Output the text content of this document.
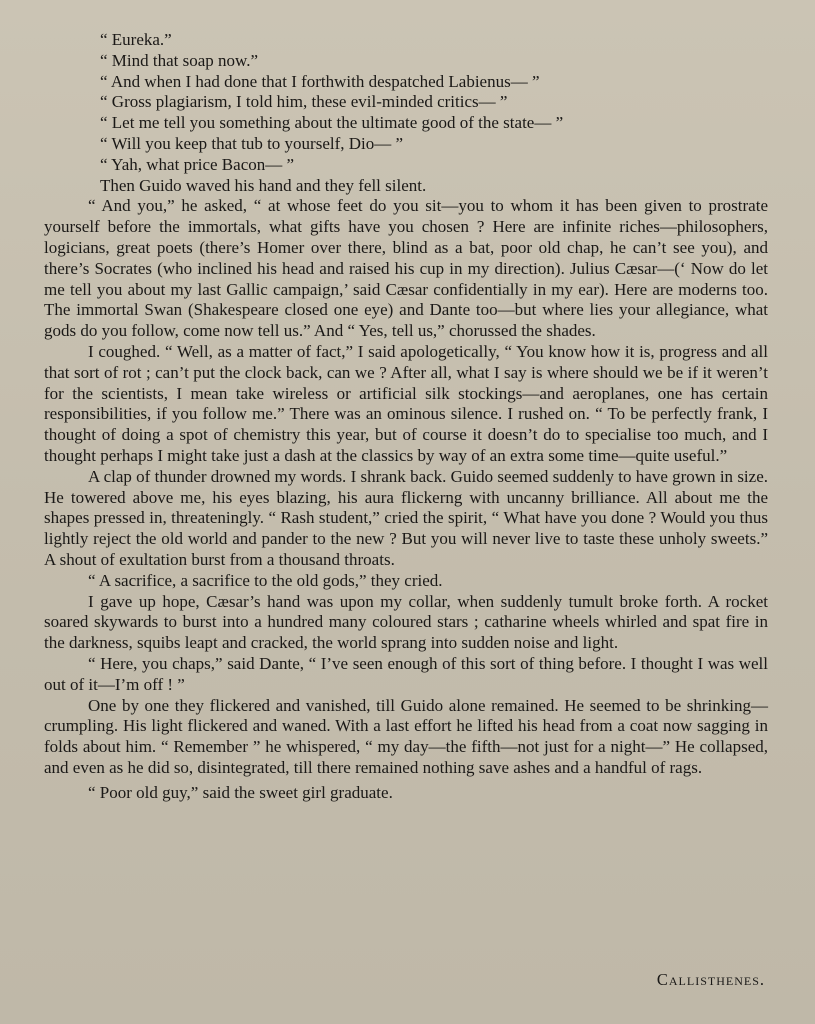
“ Eureka.”
“ Mind that soap now.”
“ And when I had done that I forthwith despatched Labienus— ”
“ Gross plagiarism, I told him, these evil-minded critics— ”
“ Let me tell you something about the ultimate good of the state— ”
“ Will you keep that tub to yourself, Dio— ”
“ Yah, what price Bacon— ”
Then Guido waved his hand and they fell silent.

“ And you,” he asked, “ at whose feet do you sit—you to whom it has been given to prostrate yourself before the immortals, what gifts have you chosen ? Here are infinite riches—philosophers, logicians, great poets (there’s Homer over there, blind as a bat, poor old chap, he can’t see you), and there’s Socrates (who inclined his head and raised his cup in my direction). Julius Cæsar—(‘ Now do let me tell you about my last Gallic campaign,’ said Cæsar confidentially in my ear). Here are moderns too. The immortal Swan (Shakespeare closed one eye) and Dante too—but where lies your allegiance, what gods do you follow, come now tell us.” And “ Yes, tell us,” chorussed the shades.

I coughed. “ Well, as a matter of fact,” I said apologetically, “ You know how it is, progress and all that sort of rot ; can’t put the clock back, can we ? After all, what I say is where should we be if it weren’t for the scientists, I mean take wireless or artificial silk stockings—and aeroplanes, one has certain responsibilities, if you follow me.” There was an ominous silence. I rushed on. “ To be perfectly frank, I thought of doing a spot of chemistry this year, but of course it doesn’t do to specialise too much, and I thought perhaps I might take just a dash at the classics by way of an extra some time—quite useful.”

A clap of thunder drowned my words. I shrank back. Guido seemed suddenly to have grown in size. He towered above me, his eyes blazing, his aura flickerng with uncanny brilliance. All about me the shapes pressed in, threateningly. “ Rash student,” cried the spirit, “ What have you done ? Would you thus lightly reject the old world and pander to the new ? But you will never live to taste these unholy sweets.” A shout of exultation burst from a thousand throats.

“ A sacrifice, a sacrifice to the old gods,” they cried.

I gave up hope, Cæsar’s hand was upon my collar, when suddenly tumult broke forth. A rocket soared skywards to burst into a hundred many coloured stars ; catharine wheels whirled and spat fire in the darkness, squibs leapt and cracked, the world sprang into sudden noise and light.

“ Here, you chaps,” said Dante, “ I’ve seen enough of this sort of thing before. I thought I was well out of it—I’m off ! ”

One by one they flickered and vanished, till Guido alone remained. He seemed to be shrinking—crumpling. His light flickered and waned. With a last effort he lifted his head from a coat now sagging in folds about him. “ Remember ” he whispered, “ my day—the fifth—not just for a night—” He collapsed, and even as he did so, disintegrated, till there remained nothing save ashes and a handful of rags.

“ Poor old guy,” said the sweet girl graduate.

Callisthenes.
